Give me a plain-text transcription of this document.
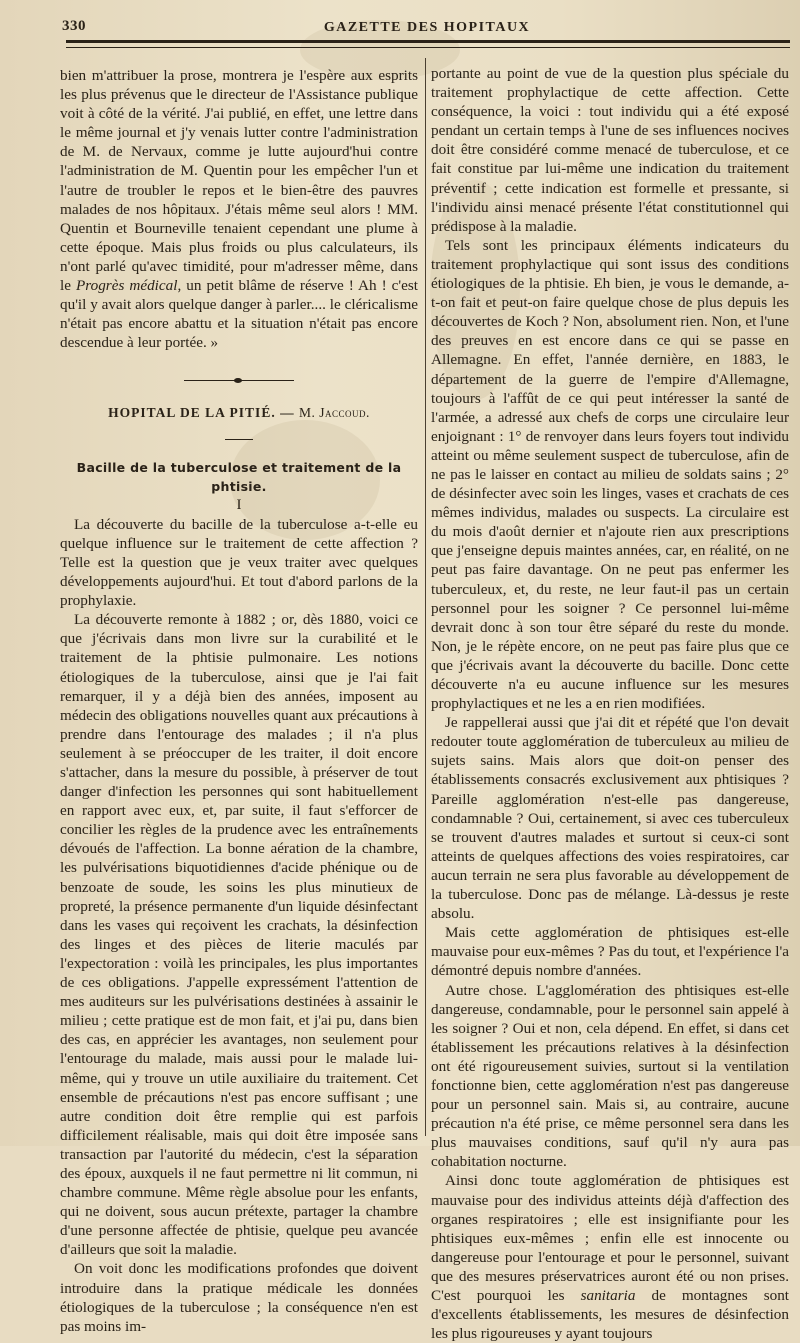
330	GAZETTE DES HOPITAUX

bien m'attribuer la prose, montrera je l'espère aux esprits les plus prévenus que le directeur de l'Assistance publique voit à côté de la vérité. J'ai publié, en effet, une lettre dans le même journal et j'y venais lutter contre l'administration de M. de Nervaux, comme je lutte aujourd'hui contre l'administration de M. Quentin pour les empêcher l'un et l'autre de troubler le repos et le bien-être des pauvres malades de nos hôpitaux. J'étais même seul alors ! MM. Quentin et Bourneville tenaient cependant une plume à cette époque. Mais plus froids ou plus calculateurs, ils n'ont parlé qu'avec timidité, pour m'adresser même, dans le Progrès médical, un petit blâme de réserve ! Ah ! c'est qu'il y avait alors quelque danger à parler.... le cléricalisme n'était pas encore abattu et la situation n'était pas encore descendue à leur portée. »

HOPITAL DE LA PITIÉ. — M. Jaccoud.

Bacille de la tuberculose et traitement de la phtisie.

I

La découverte du bacille de la tuberculose a-t-elle eu quelque influence sur le traitement de cette affection ? Telle est la question que je veux traiter avec quelques développements aujourd'hui. Et tout d'abord parlons de la prophylaxie.

La découverte remonte à 1882 ; or, dès 1880, voici ce que j'écrivais dans mon livre sur la curabilité et le traitement de la phtisie pulmonaire. Les notions étiologiques de la tuberculose, ainsi que je l'ai fait remarquer, il y a déjà bien des années, imposent au médecin des obligations nouvelles quant aux précautions à prendre dans l'entourage des malades ; il n'a plus seulement à se préoccuper de les traiter, il doit encore s'attacher, dans la mesure du possible, à préserver de tout danger d'infection les personnes qui sont habituellement en rapport avec eux, et, par suite, il faut s'efforcer de concilier les règles de la prudence avec les entraînements dévoués de l'affection. La bonne aération de la chambre, les pulvérisations biquotidiennes d'acide phénique ou de benzoate de soude, les soins les plus minutieux de propreté, la présence permanente d'un liquide désinfectant dans les vases qui reçoivent les crachats, la désinfection des linges et des pièces de literie maculés par l'expectoration : voilà les principales, les plus importantes de ces obligations. J'appelle expressément l'attention de mes auditeurs sur les pulvérisations destinées à assainir le milieu ; cette pratique est de mon fait, et j'ai pu, dans bien des cas, en apprécier les avantages, non seulement pour l'entourage du malade, mais aussi pour le malade lui-même, qui y trouve un utile auxiliaire du traitement. Cet ensemble de précautions n'est pas encore suffisant ; une autre condition doit être remplie qui est parfois difficilement réalisable, mais qui doit être imposée sans transaction par l'autorité du médecin, c'est la séparation des époux, auxquels il ne faut permettre ni lit commun, ni chambre commune. Même règle absolue pour les enfants, qui ne doivent, sous aucun prétexte, partager la chambre d'une personne affectée de phtisie, quelque peu avancée d'ailleurs que soit la maladie.

On voit donc les modifications profondes que doivent introduire dans la pratique médicale les données étiologiques de la tuberculose ; la conséquence n'en est pas moins im-

portante au point de vue de la question plus spéciale du traitement prophylactique de cette affection. Cette conséquence, la voici : tout individu qui a été exposé pendant un certain temps à l'une de ses influences nocives doit être considéré comme menacé de tuberculose, et ce fait constitue par lui-même une indication du traitement préventif ; cette indication est formelle et pressante, si l'individu ainsi menacé présente l'état constitutionnel qui prédispose à la maladie.

Tels sont les principaux éléments indicateurs du traitement prophylactique qui sont issus des conditions étiologiques de la phtisie. Eh bien, je vous le demande, a-t-on fait et peut-on faire quelque chose de plus depuis les découvertes de Koch ? Non, absolument rien. Non, et l'une des preuves en est encore dans ce qui se passe en Allemagne. En effet, l'année dernière, en 1883, le département de la guerre de l'empire d'Allemagne, toujours à l'affût de ce qui peut intéresser la santé de l'armée, a adressé aux chefs de corps une circulaire leur enjoignant : 1° de renvoyer dans leurs foyers tout individu atteint ou même seulement suspect de tuberculose, afin de ne pas le laisser en contact au milieu de soldats sains ; 2° de désinfecter avec soin les linges, vases et crachats de ces mêmes individus, malades ou suspects. La circulaire est du mois d'août dernier et n'ajoute rien aux prescriptions que j'enseigne depuis maintes années, car, en réalité, on ne peut pas faire davantage. On ne peut pas enfermer les tuberculeux, et, du reste, ne leur faut-il pas un certain personnel pour les soigner ? Ce personnel lui-même devrait donc à son tour être séparé du reste du monde. Non, je le répète encore, on ne peut pas faire plus que ce que j'écrivais avant la découverte du bacille. Donc cette découverte n'a eu aucune influence sur les mesures prophylactiques et ne les a en rien modifiées.

Je rappellerai aussi que j'ai dit et répété que l'on devait redouter toute agglomération de tuberculeux au milieu de sujets sains. Mais alors que doit-on penser des établissements consacrés exclusivement aux phtisiques ? Pareille agglomération n'est-elle pas dangereuse, condamnable ? Oui, certainement, si avec ces tuberculeux se trouvent d'autres malades et surtout si ceux-ci sont atteints de quelques affections des voies respiratoires, car aucun terrain ne sera plus favorable au développement de la tuberculose. Donc pas de mélange. Là-dessus je reste absolu.

Mais cette agglomération de phtisiques est-elle mauvaise pour eux-mêmes ? Pas du tout, et l'expérience l'a démontré depuis nombre d'années.

Autre chose. L'agglomération des phtisiques est-elle dangereuse, condamnable, pour le personnel sain appelé à les soigner ? Oui et non, cela dépend. En effet, si dans cet établissement les précautions relatives à la désinfection ont été rigoureusement suivies, surtout si la ventilation fonctionne bien, cette agglomération n'est pas dangereuse pour un personnel sain. Mais si, au contraire, aucune précaution n'a été prise, ce même personnel sera dans les plus mauvaises conditions, sauf qu'il n'y aura pas cohabitation nocturne.

Ainsi donc toute agglomération de phtisiques est mauvaise pour des individus atteints déjà d'affection des organes respiratoires ; elle est insignifiante pour les phtisiques eux-mêmes ; enfin elle est innocente ou dangereuse pour l'entourage et pour le personnel, suivant que des mesures préservatrices auront été ou non prises. C'est pourquoi les sanitaria de montagnes sont d'excellents établissements, les mesures de désinfection les plus rigoureuses y ayant toujours
